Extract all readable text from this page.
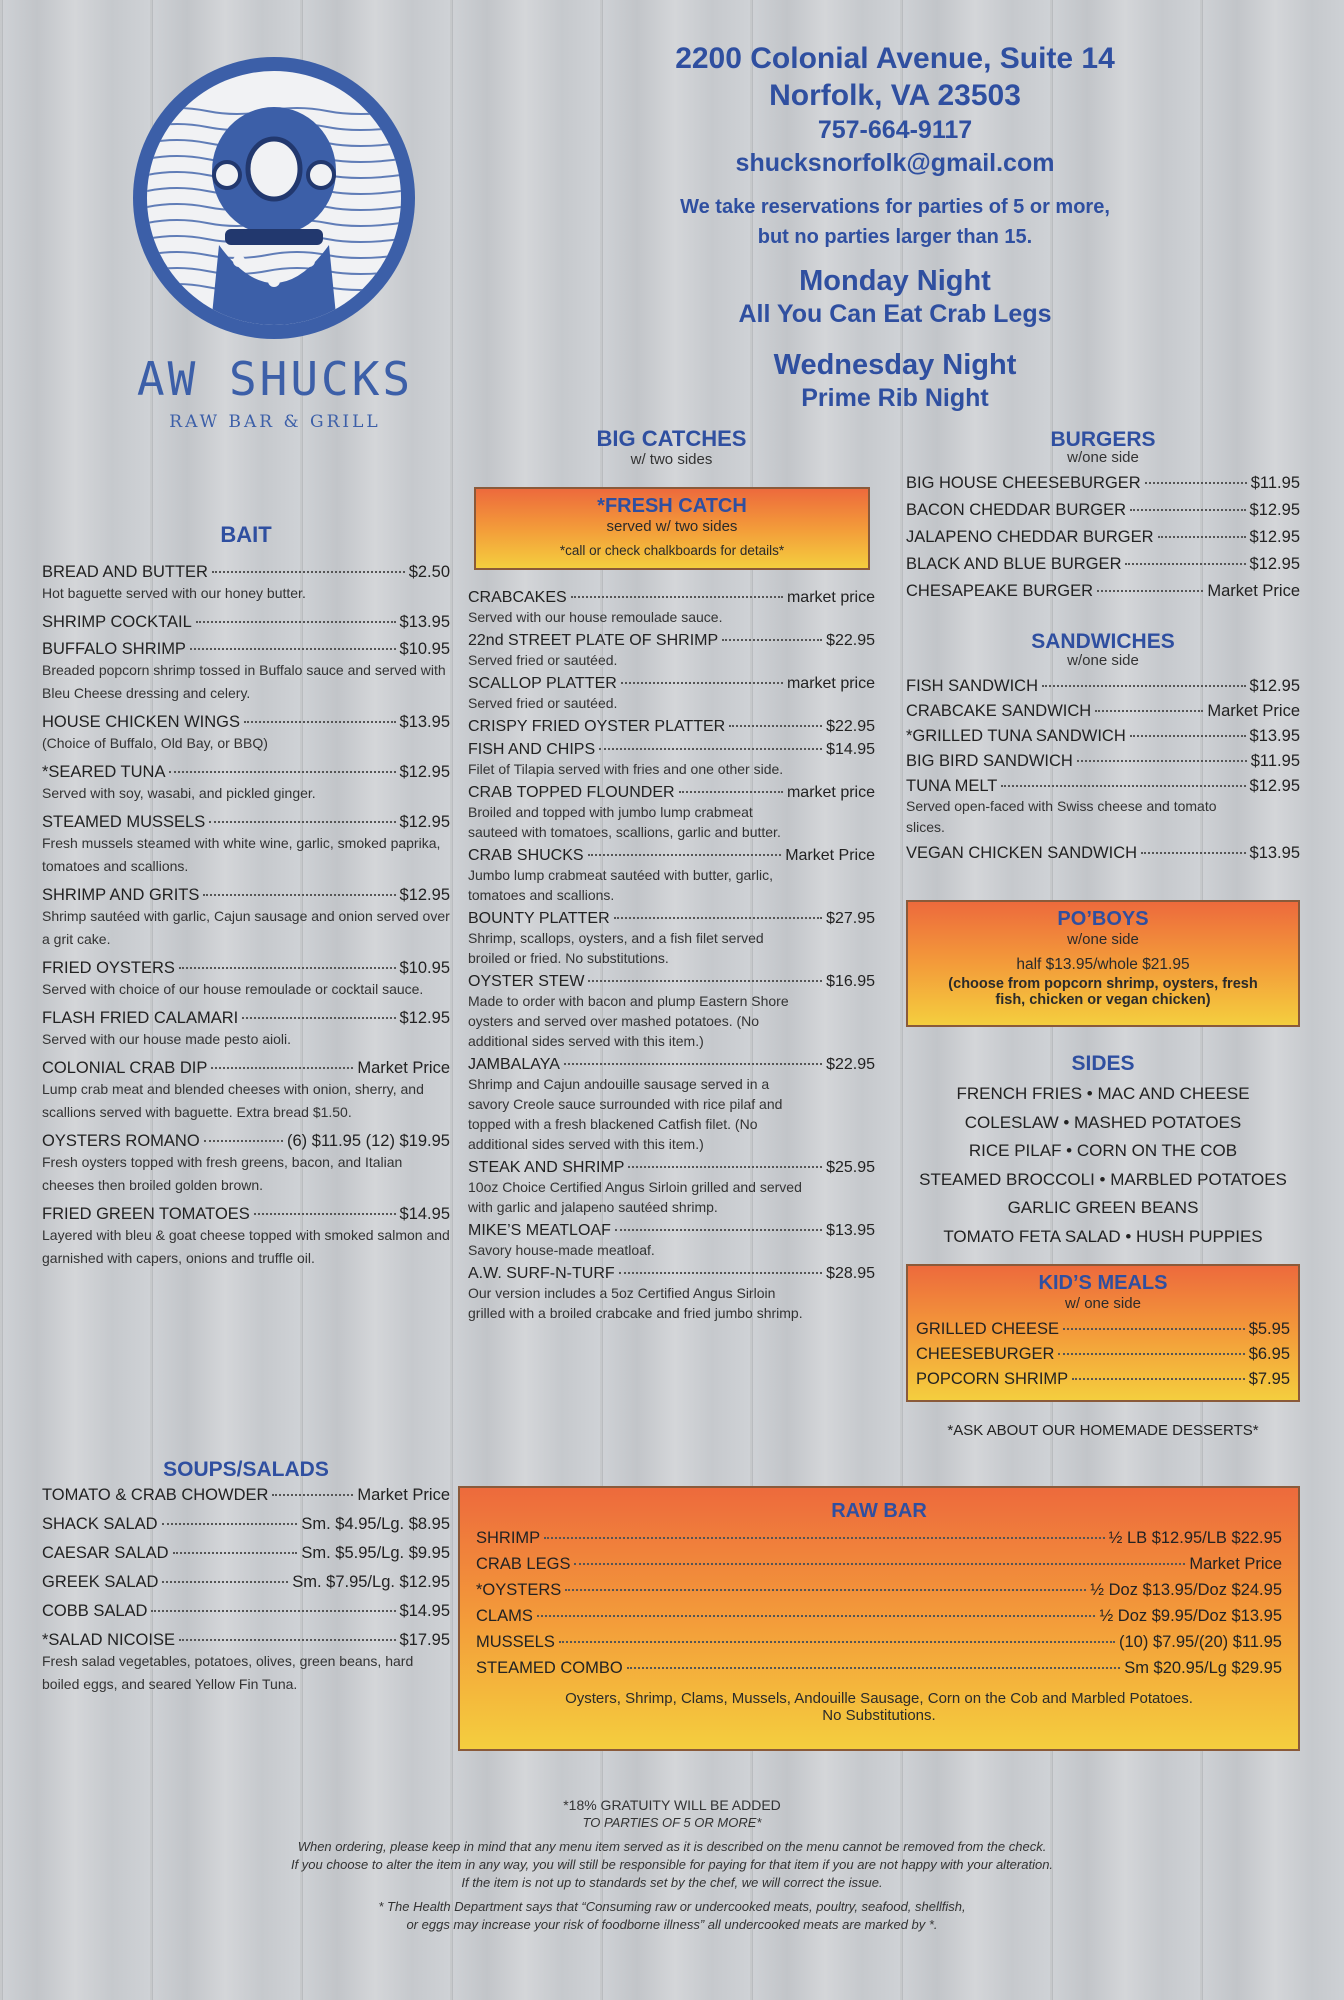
AW SHUCKS
RAW BAR & GRILL
2200 Colonial Avenue, Suite 14
Norfolk, VA 23503
757-664-9117
shucksnorfolk@gmail.com
We take reservations for parties of 5 or more,
but no parties larger than 15.
Monday Night
All You Can Eat Crab Legs
Wednesday Night
Prime Rib Night
BAIT
BREAD AND BUTTER	$2.50
Hot baguette served with our honey butter.
SHRIMP COCKTAIL	$13.95
BUFFALO SHRIMP	$10.95
Breaded popcorn shrimp tossed in Buffalo sauce and served with Bleu Cheese dressing and celery.
HOUSE CHICKEN WINGS	$13.95
(Choice of Buffalo, Old Bay, or BBQ)
*SEARED TUNA	$12.95
Served with soy, wasabi, and pickled ginger.
STEAMED MUSSELS	$12.95
Fresh mussels steamed with white wine, garlic, smoked paprika, tomatoes and scallions.
SHRIMP AND GRITS	$12.95
Shrimp sautéed with garlic, Cajun sausage and onion served over a grit cake.
FRIED OYSTERS	$10.95
Served with choice of our house remoulade or cocktail sauce.
FLASH FRIED CALAMARI	$12.95
Served with our house made pesto aioli.
COLONIAL CRAB DIP	Market Price
Lump crab meat and blended cheeses with onion, sherry, and scallions served with baguette. Extra bread $1.50.
OYSTERS ROMANO	(6) $11.95 (12) $19.95
Fresh oysters topped with fresh greens, bacon, and Italian cheeses then broiled golden brown.
FRIED GREEN TOMATOES	$14.95
Layered with bleu & goat cheese topped with smoked salmon and garnished with capers, onions and truffle oil.
SOUPS/SALADS
TOMATO & CRAB CHOWDER	Market Price
SHACK SALAD	Sm. $4.95/Lg. $8.95
CAESAR SALAD	Sm. $5.95/Lg. $9.95
GREEK SALAD	Sm. $7.95/Lg. $12.95
COBB SALAD	$14.95
*SALAD NICOISE	$17.95
Fresh salad vegetables, potatoes, olives, green beans, hard boiled eggs, and seared Yellow Fin Tuna.
BIG CATCHES
w/ two sides
*FRESH CATCH
served w/ two sides
*call or check chalkboards for details*
CRABCAKES	market price
Served with our house remoulade sauce.
22nd STREET PLATE OF SHRIMP	$22.95
Served fried or sautéed.
SCALLOP PLATTER	market price
Served fried or sautéed.
CRISPY FRIED OYSTER PLATTER	$22.95
FISH AND CHIPS	$14.95
Filet of Tilapia served with fries and one other side.
CRAB TOPPED FLOUNDER	market price
Broiled and topped with jumbo lump crabmeat sauteed with tomatoes, scallions, garlic and butter.
CRAB SHUCKS	Market Price
Jumbo lump crabmeat sautéed with butter, garlic, tomatoes and scallions.
BOUNTY PLATTER	$27.95
Shrimp, scallops, oysters, and a fish filet served broiled or fried. No substitutions.
OYSTER STEW	$16.95
Made to order with bacon and plump Eastern Shore oysters and served over mashed potatoes. (No additional sides served with this item.)
JAMBALAYA	$22.95
Shrimp and Cajun andouille sausage served in a savory Creole sauce surrounded with rice pilaf and topped with a fresh blackened Catfish filet. (No additional sides served with this item.)
STEAK AND SHRIMP	$25.95
10oz Choice Certified Angus Sirloin grilled and served with garlic and jalapeno sautéed shrimp.
MIKE’S MEATLOAF	$13.95
Savory house-made meatloaf.
A.W. SURF-N-TURF	$28.95
Our version includes a 5oz Certified Angus Sirloin grilled with a broiled crabcake and fried jumbo shrimp.
BURGERS
w/one side
BIG HOUSE CHEESEBURGER	$11.95
BACON CHEDDAR BURGER	$12.95
JALAPENO CHEDDAR BURGER	$12.95
BLACK AND BLUE BURGER	$12.95
CHESAPEAKE BURGER	Market Price
SANDWICHES
w/one side
FISH SANDWICH	$12.95
CRABCAKE SANDWICH	Market Price
*GRILLED TUNA SANDWICH	$13.95
BIG BIRD SANDWICH	$11.95
TUNA MELT	$12.95
Served open-faced with Swiss cheese and tomato slices.
VEGAN CHICKEN SANDWICH	$13.95
PO’BOYS
w/one side
half $13.95/whole $21.95
(choose from popcorn shrimp, oysters, fresh fish, chicken or vegan chicken)
SIDES
FRENCH FRIES • MAC AND CHEESE
COLESLAW • MASHED POTATOES
RICE PILAF • CORN ON THE COB
STEAMED BROCCOLI • MARBLED POTATOES
GARLIC GREEN BEANS
TOMATO FETA SALAD • HUSH PUPPIES
KID’S MEALS
w/ one side
GRILLED CHEESE	$5.95
CHEESEBURGER	$6.95
POPCORN SHRIMP	$7.95
*ASK ABOUT OUR HOMEMADE DESSERTS*
RAW BAR
SHRIMP	½ LB $12.95/LB $22.95
CRAB LEGS	Market Price
*OYSTERS	½ Doz $13.95/Doz $24.95
CLAMS	½ Doz $9.95/Doz $13.95
MUSSELS	(10) $7.95/(20) $11.95
STEAMED COMBO	Sm $20.95/Lg $29.95
Oysters, Shrimp, Clams, Mussels, Andouille Sausage, Corn on the Cob and Marbled Potatoes.
No Substitutions.
*18% GRATUITY WILL BE ADDED
TO PARTIES OF 5 OR MORE*
When ordering, please keep in mind that any menu item served as it is described on the menu cannot be removed from the check.
If you choose to alter the item in any way, you will still be responsible for paying for that item if you are not happy with your alteration.
If the item is not up to standards set by the chef, we will correct the issue.
* The Health Department says that “Consuming raw or undercooked meats, poultry, seafood, shellfish,
or eggs may increase your risk of foodborne illness” all undercooked meats are marked by *.
